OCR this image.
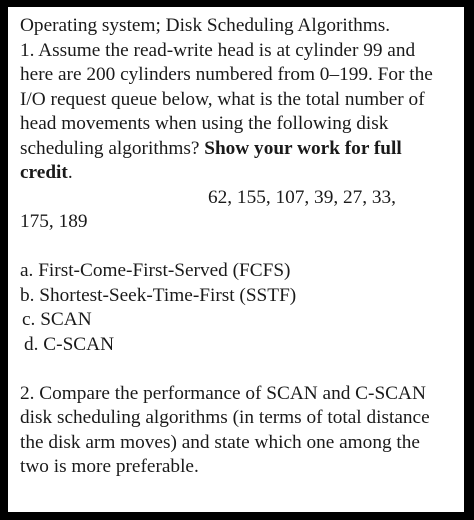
Operating system; Disk Scheduling Algorithms.
1. Assume the read-write head is at cylinder 99 and
here are 200 cylinders numbered from 0–199. For the
I/O request queue below, what is the total number of
head movements when using the following disk
scheduling algorithms? Show your work for full
credit.
62, 155, 107, 39, 27, 33,
175, 189
a. First-Come-First-Served (FCFS)
b. Shortest-Seek-Time-First (SSTF)
c. SCAN
d. C-SCAN
2. Compare the performance of SCAN and C-SCAN
disk scheduling algorithms (in terms of total distance
the disk arm moves) and state which one among the
two is more preferable.
